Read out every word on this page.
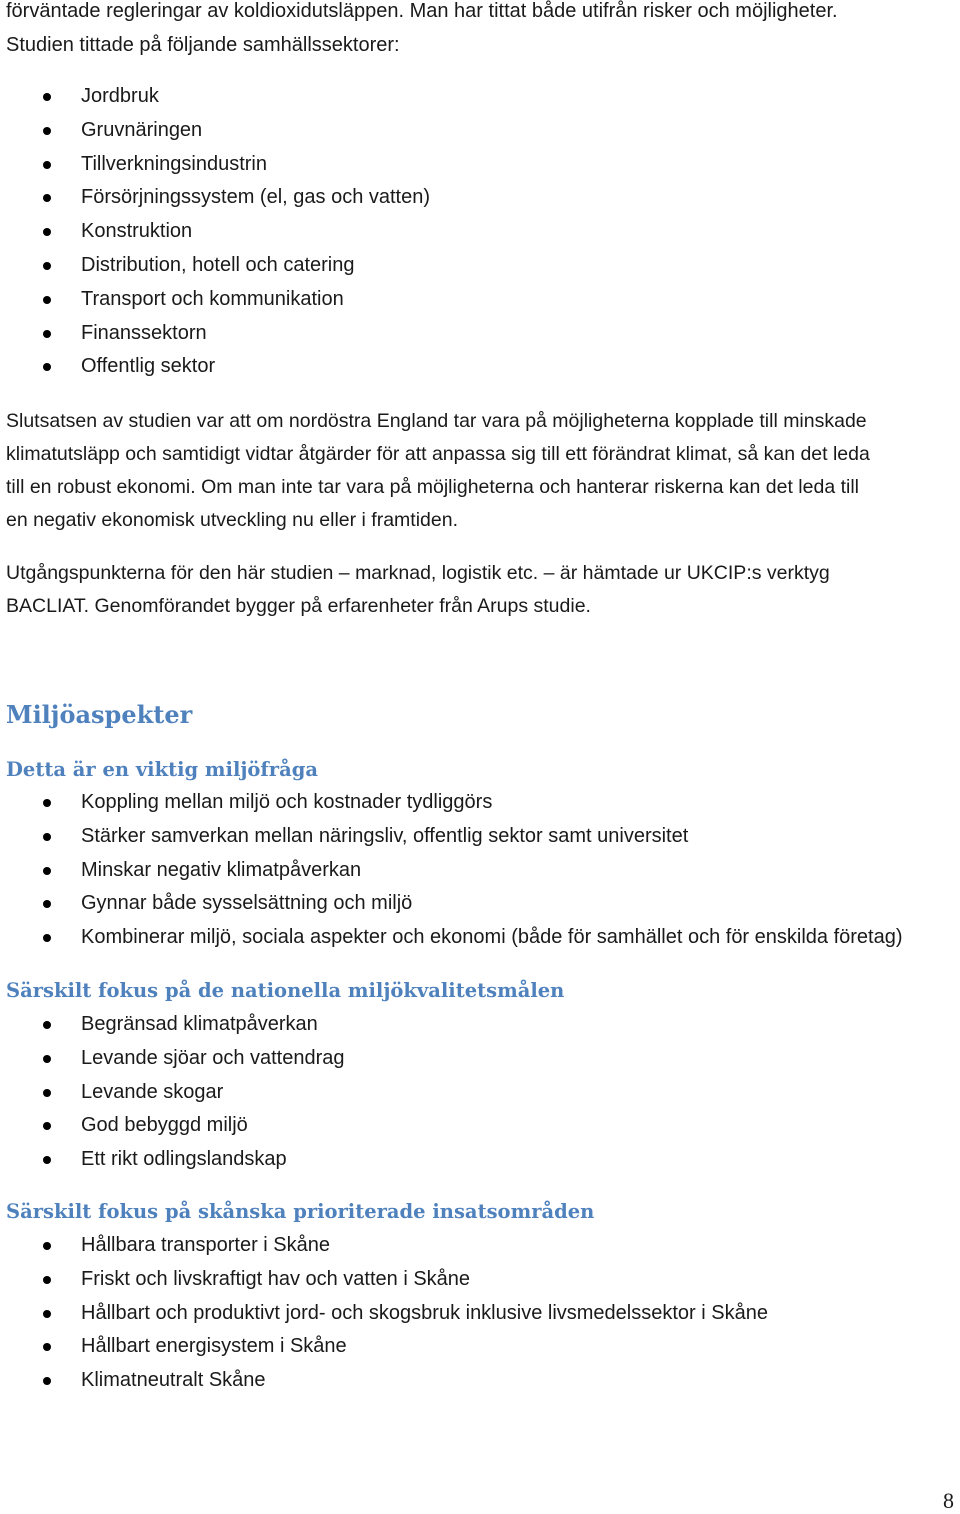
förväntade regleringar av koldioxidutsläppen. Man har tittat både utifrån risker och möjligheter.
Studien tittade på följande samhällssektorer:
Jordbruk
Gruvnäringen
Tillverkningsindustrin
Försörjningssystem (el, gas och vatten)
Konstruktion
Distribution, hotell och catering
Transport och kommunikation
Finanssektorn
Offentlig sektor
Slutsatsen av studien var att om nordöstra England tar vara på möjligheterna kopplade till minskade
klimatutsläpp och samtidigt vidtar åtgärder för att anpassa sig till ett förändrat klimat, så kan det leda
till en robust ekonomi. Om man inte tar vara på möjligheterna och hanterar riskerna kan det leda till
en negativ ekonomisk utveckling nu eller i framtiden.
Utgångspunkterna för den här studien – marknad, logistik etc. – är hämtade ur UKCIP:s verktyg
BACLIAT. Genomförandet bygger på erfarenheter från Arups studie.
Miljöaspekter
Detta är en viktig miljöfråga
Koppling mellan miljö och kostnader tydliggörs
Stärker samverkan mellan näringsliv, offentlig sektor samt universitet
Minskar negativ klimatpåverkan
Gynnar både sysselsättning och miljö
Kombinerar miljö, sociala aspekter och ekonomi (både för samhället och för enskilda företag)
Särskilt fokus på de nationella miljökvalitetsmålen
Begränsad klimatpåverkan
Levande sjöar och vattendrag
Levande skogar
God bebyggd miljö
Ett rikt odlingslandskap
Särskilt fokus på skånska prioriterade insatsområden
Hållbara transporter i Skåne
Friskt och livskraftigt hav och vatten i Skåne
Hållbart och produktivt jord- och skogsbruk inklusive livsmedelssektor i Skåne
Hållbart energisystem i Skåne
Klimatneutralt Skåne
8
